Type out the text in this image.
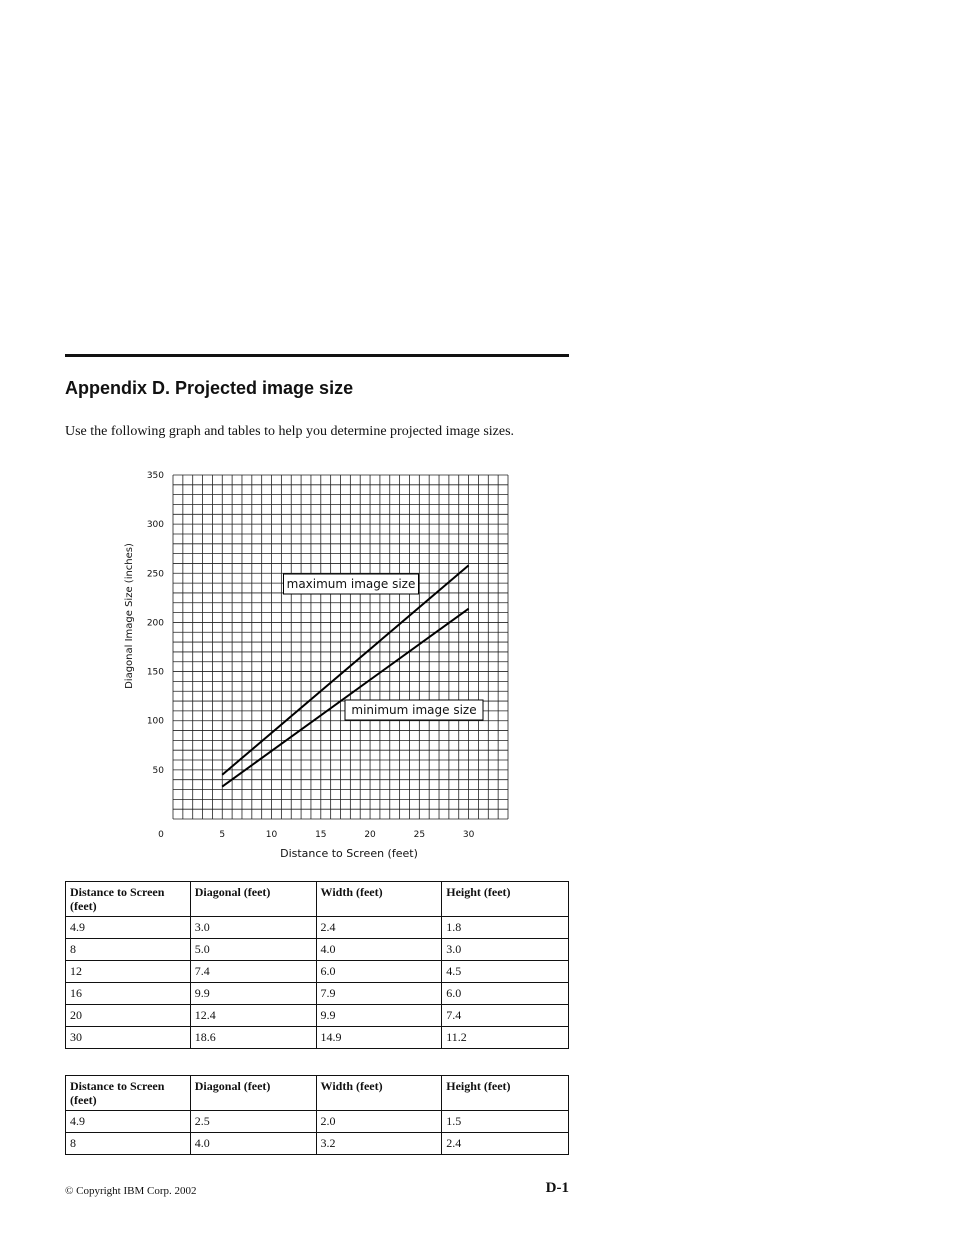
Appendix D. Projected image size

Use the following graph and tables to help you determine projected image sizes.

5	10	15	20	25	30
50
100
150
200
250
300
350
0
Distance to Screen (feet)
Diagonal Image Size (inches)	maximum image size
minimum image size
Distance to Screen (feet)	Diagonal (feet)	Width (feet)	Height (feet)
4.9	3.0	2.4	1.8
8	5.0	4.0	3.0
12	7.4	6.0	4.5
16	9.9	7.9	6.0
20	12.4	9.9	7.4
30	18.6	14.9	11.2
Distance to Screen (feet)	Diagonal (feet)	Width (feet)	Height (feet)
4.9	2.5	2.0	1.5
8	4.0	3.2	2.4
© Copyright IBM Corp. 2002	D-1
